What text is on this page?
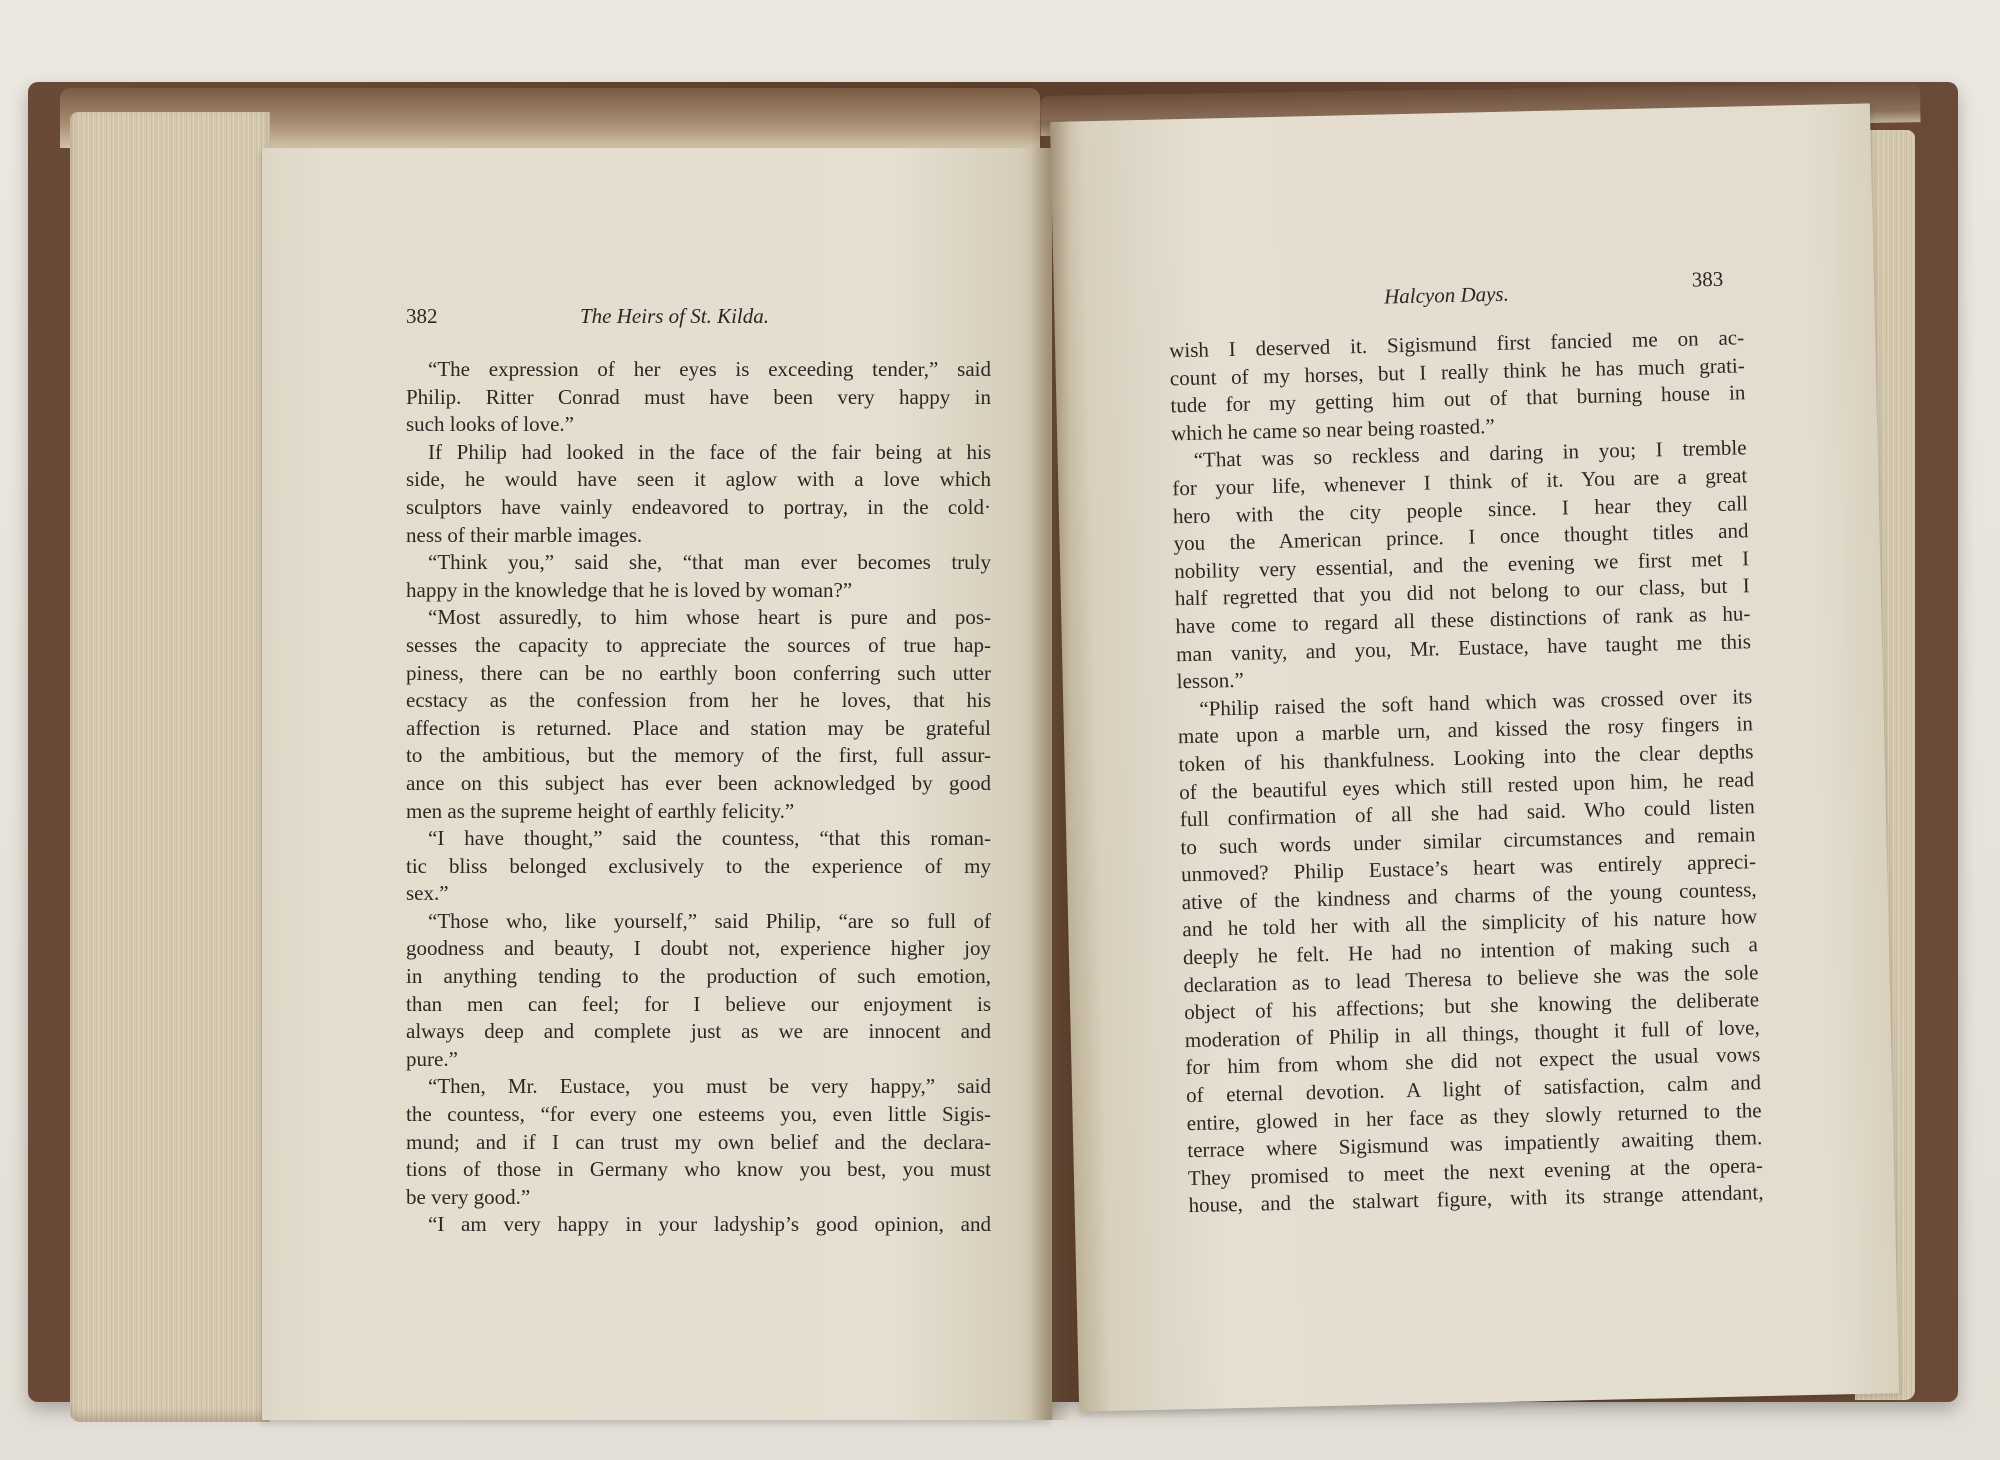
382	The Heirs of St. Kilda.
“The expression of her eyes is exceeding tender,” said
Philip. Ritter Conrad must have been very happy in
such looks of love.”
If Philip had looked in the face of the fair being at his
side, he would have seen it aglow with a love which
sculptors have vainly endeavored to portray, in the cold·
ness of their marble images.
“Think you,” said she, “that man ever becomes truly
happy in the knowledge that he is loved by woman?”
“Most assuredly, to him whose heart is pure and pos-
sesses the capacity to appreciate the sources of true hap-
piness, there can be no earthly boon conferring such utter
ecstacy as the confession from her he loves, that his
affection is returned. Place and station may be grateful
to the ambitious, but the memory of the first, full assur-
ance on this subject has ever been acknowledged by good
men as the supreme height of earthly felicity.”
“I have thought,” said the countess, “that this roman-
tic bliss belonged exclusively to the experience of my
sex.”
“Those who, like yourself,” said Philip, “are so full of
goodness and beauty, I doubt not, experience higher joy
in anything tending to the production of such emotion,
than men can feel; for I believe our enjoyment is
always deep and complete just as we are innocent and
pure.”
“Then, Mr. Eustace, you must be very happy,” said
the countess, “for every one esteems you, even little Sigis-
mund; and if I can trust my own belief and the declara-
tions of those in Germany who know you best, you must
be very good.”
“I am very happy in your ladyship’s good opinion, and
Halcyon Days.
383
wish I deserved it. Sigismund first fancied me on ac-
count of my horses, but I really think he has much grati-
tude for my getting him out of that burning house in
which he came so near being roasted.”
“That was so reckless and daring in you; I tremble
for your life, whenever I think of it. You are a great
hero with the city people since. I hear they call
you the American prince. I once thought titles and
nobility very essential, and the evening we first met I
half regretted that you did not belong to our class, but I
have come to regard all these distinctions of rank as hu-
man vanity, and you, Mr. Eustace, have taught me this
lesson.”
“Philip raised the soft hand which was crossed over its
mate upon a marble urn, and kissed the rosy fingers in
token of his thankfulness. Looking into the clear depths
of the beautiful eyes which still rested upon him, he read
full confirmation of all she had said. Who could listen
to such words under similar circumstances and remain
unmoved? Philip Eustace’s heart was entirely appreci-
ative of the kindness and charms of the young countess,
and he told her with all the simplicity of his nature how
deeply he felt. He had no intention of making such a
declaration as to lead Theresa to believe she was the sole
object of his affections; but she knowing the deliberate
moderation of Philip in all things, thought it full of love,
for him from whom she did not expect the usual vows
of eternal devotion. A light of satisfaction, calm and
entire, glowed in her face as they slowly returned to the
terrace where Sigismund was impatiently awaiting them.
They promised to meet the next evening at the opera-
house, and the stalwart figure, with its strange attendant,
